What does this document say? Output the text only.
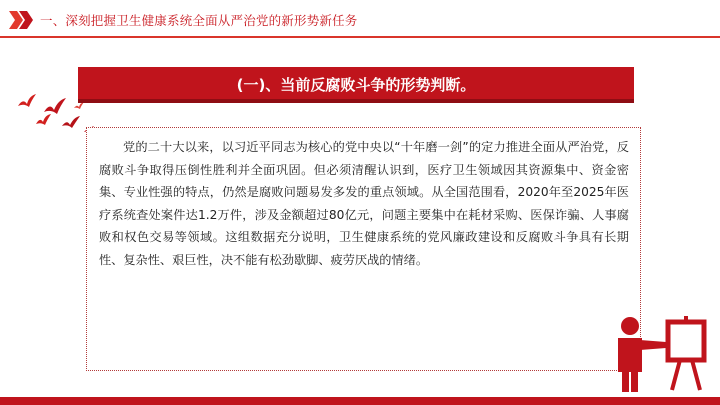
一、深刻把握卫生健康系统全面从严治党的新形势新任务
(一)、当前反腐败斗争的形势判断。

党的二十大以来，以习近平同志为核心的党中央以“十年磨一剑”的定力推进全面从严治党，反腐败斗争取得压倒性胜利并全面巩固。但必须清醒认识到，医疗卫生领域因其资源集中、资金密集、专业性强的特点，仍然是腐败问题易发多发的重点领域。从全国范围看，2020年至2025年医疗系统查处案件达1.2万件，涉及金额超过80亿元，问题主要集中在耗材采购、医保诈骗、人事腐败和权色交易等领域。这组数据充分说明，卫生健康系统的党风廉政建设和反腐败斗争具有长期性、复杂性、艰巨性，决不能有松劲歇脚、疲劳厌战的情绪。
